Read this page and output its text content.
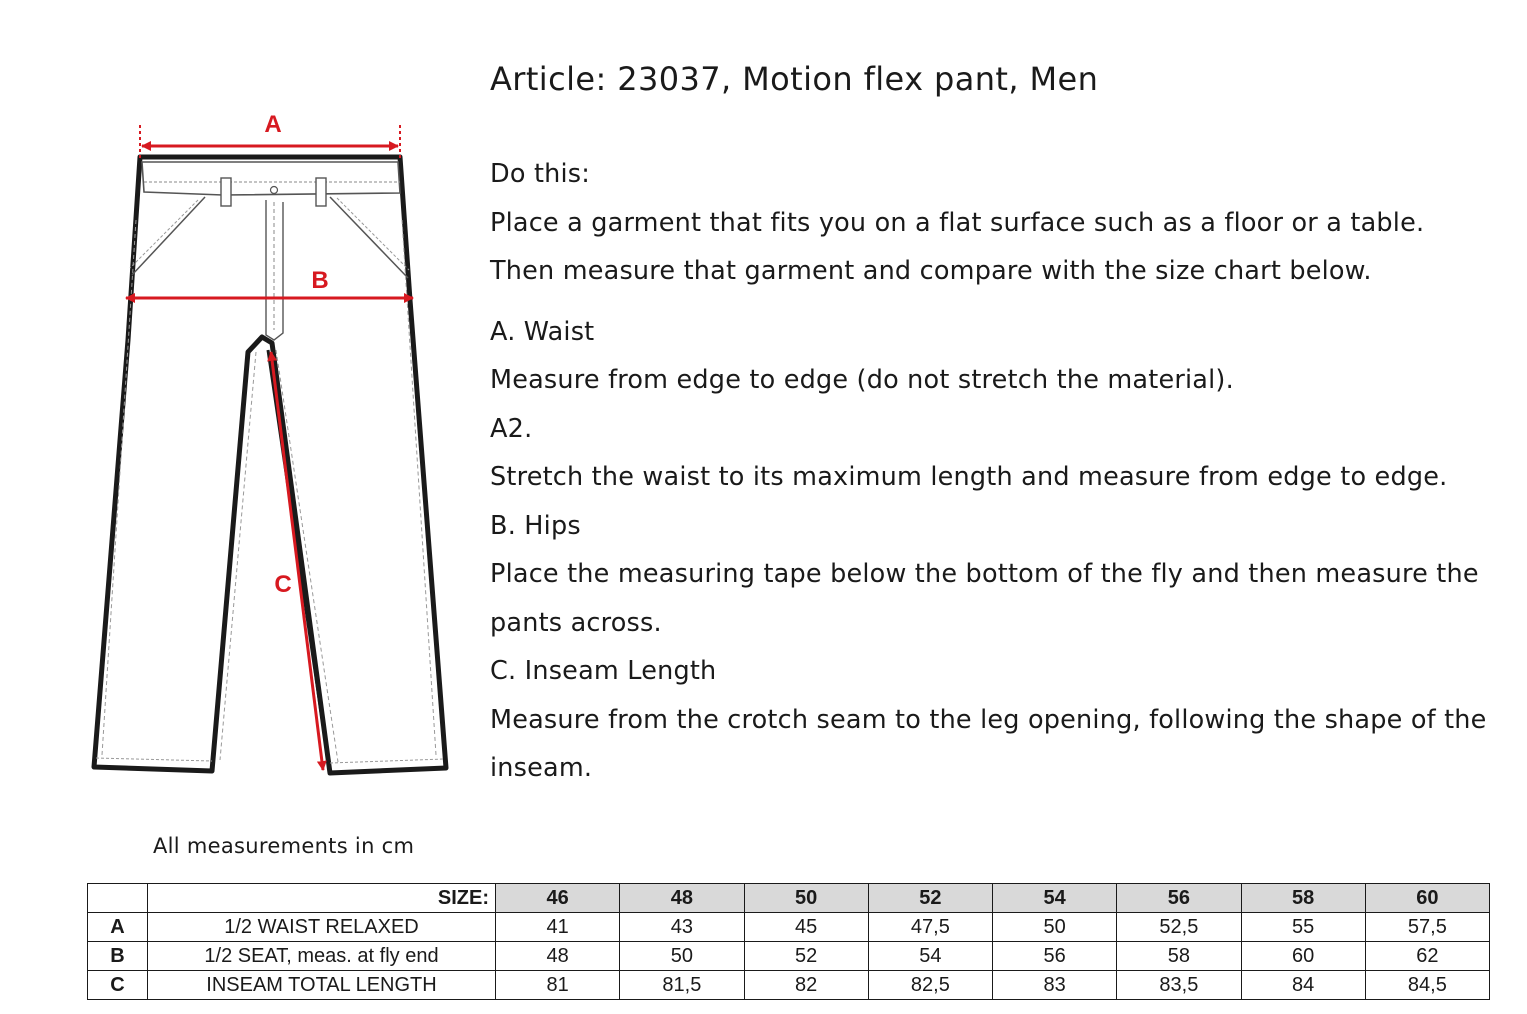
A
B
C
All measurements in cm
Article: 23037, Motion flex pant, Men

Do this:

Place a garment that fits you on a flat surface such as a floor or a table.

Then measure that garment and compare with the size chart below.

A. Waist

Measure from edge to edge (do not stretch the material).

A2.

Stretch the waist to its maximum length and measure from edge to edge.

B. Hips

Place the measuring tape below the bottom of the fly and then measure the pants across.

C. Inseam Length

Measure from the crotch seam to the leg opening, following the shape of the inseam.

	SIZE:	46	48	50	52	54	56	58	60
A	1/2 WAIST RELAXED	41	43	45	47,5	50	52,5	55	57,5
B	1/2 SEAT, meas. at fly end	48	50	52	54	56	58	60	62
C	INSEAM TOTAL LENGTH	81	81,5	82	82,5	83	83,5	84	84,5
